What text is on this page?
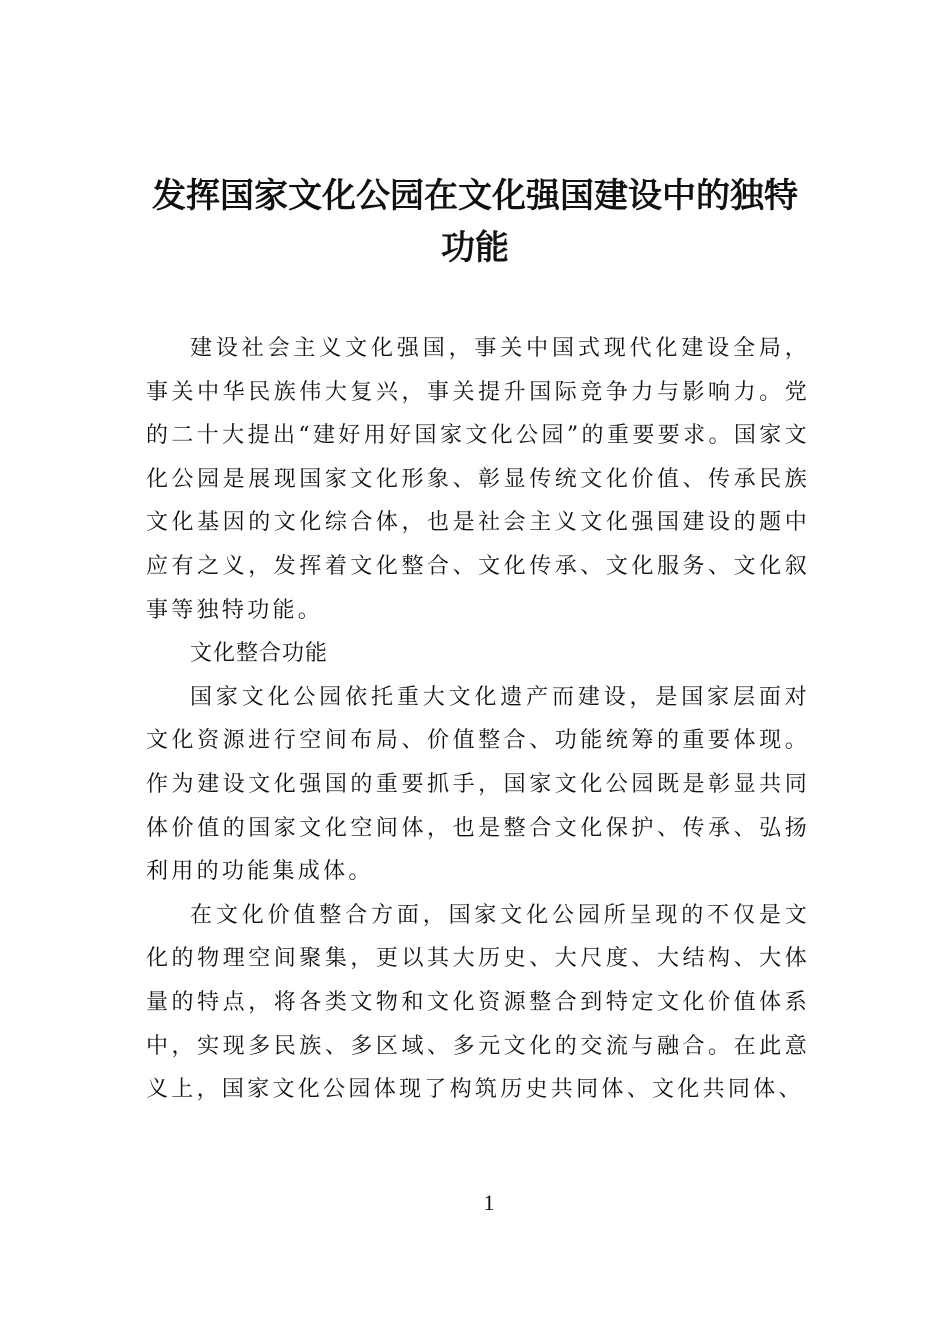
发挥国家文化公园在文化强国建设中的独特功能

建设社会主义文化强国，事关中国式现代化建设全局，事关中华民族伟大复兴，事关提升国际竞争力与影响力。党的二十大提出“建好用好国家文化公园”的重要要求。国家文化公园是展现国家文化形象、彰显传统文化价值、传承民族文化基因的文化综合体，也是社会主义文化强国建设的题中应有之义，发挥着文化整合、文化传承、文化服务、文化叙事等独特功能。

文化整合功能

国家文化公园依托重大文化遗产而建设，是国家层面对文化资源进行空间布局、价值整合、功能统筹的重要体现。作为建设文化强国的重要抓手，国家文化公园既是彰显共同体价值的国家文化空间体，也是整合文化保护、传承、弘扬利用的功能集成体。

在文化价值整合方面，国家文化公园所呈现的不仅是文化的物理空间聚集，更以其大历史、大尺度、大结构、大体量的特点，将各类文物和文化资源整合到特定文化价值体系中，实现多民族、多区域、多元文化的交流与融合。在此意义上，国家文化公园体现了构筑历史共同体、文化共同体、

1
